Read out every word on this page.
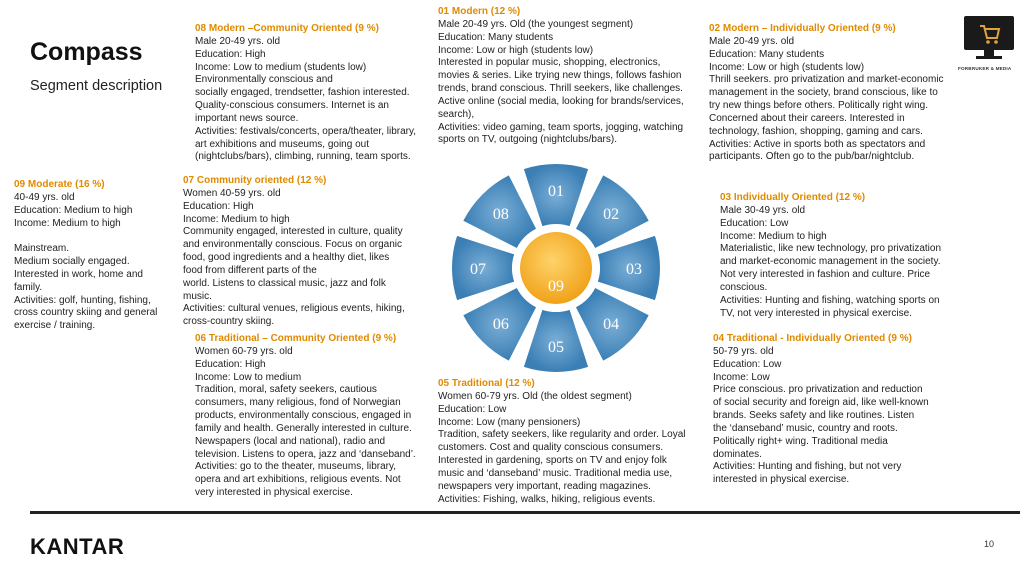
Compass
Segment description
01 Modern (12 %)
Male 20-49 yrs. Old (the youngest segment)
Education: Many students
Income: Low or high (students low)
Interested in popular music, shopping, electronics,
movies & series. Like trying new things, follows fashion
trends, brand conscious. Thrill seekers, like challenges.
Active online (social media, looking for brands/services,
search),
Activities: video gaming, team sports, jogging, watching
sports on TV, outgoing (nightclubs/bars).
08 Modern –Community Oriented (9 %)
Male 20-49 yrs. old
Education: High
Income: Low to medium (students low)
Environmentally conscious and
socially engaged, trendsetter, fashion interested.
Quality-conscious consumers. Internet is an
important news source.
Activities: festivals/concerts, opera/theater, library,
art exhibitions and museums, going out
(nightclubs/bars), climbing, running, team sports.
02 Modern – Individually Oriented (9 %)
Male 20-49 yrs. old
Education: Many students
Income: Low or high (students low)
Thrill seekers. pro privatization and market-economic
management in the society, brand conscious, like to
try new things before others. Politically right wing.
Concerned about their careers. Interested in
technology, fashion, shopping, gaming and cars.
Activities: Active in sports both as spectators and
participants. Often go to the pub/bar/nightclub.
09 Moderate (16 %)
40-49 yrs. old
Education: Medium to high
Income: Medium to high

Mainstream.
Medium socially engaged.
Interested in work, home and
family.
Activities: golf, hunting, fishing,
cross country skiing and general
exercise / training.
07 Community oriented (12 %)
Women 40-59 yrs. old
Education: High
Income: Medium to high
Community engaged, interested in culture, quality
and environmentally conscious. Focus on organic
food, good ingredients and a healthy diet, likes
food from different parts of the
world. Listens to classical music, jazz and folk
music.
Activities: cultural venues, religious events, hiking,
cross-country skiing.
03 Individually Oriented (12 %)
Male 30-49 yrs. old
Education: Low
Income: Medium to high
Materialistic, like new technology, pro privatization
and market-economic management in the society.
Not very interested in fashion and culture. Price
conscious.
Activities: Hunting and fishing, watching sports on
TV, not very interested in physical exercise.
06 Traditional – Community Oriented (9 %)
Women 60-79 yrs. old
Education: High
Income: Low to medium
Tradition, moral, safety seekers, cautious
consumers, many religious, fond of Norwegian
products, environmentally conscious, engaged in
family and health. Generally interested in culture.
Newspapers (local and national), radio and
television. Listens to opera, jazz and ‘danseband’.
Activities: go to the theater, museums, library,
opera and art exhibitions, religious events. Not
very interested in physical exercise.
04 Traditional - Individually Oriented (9 %)
50-79 yrs. old
Education: Low
Income: Low
Price conscious. pro privatization and reduction
of social security and foreign aid, like well-known
brands. Seeks safety and like routines. Listen
the ‘danseband’ music, country and roots.
Politically right+ wing. Traditional media
dominates.
Activities: Hunting and fishing, but not very
interested in physical exercise.
05 Traditional (12 %)
Women 60-79 yrs. Old (the oldest segment)
Education: Low
Income: Low (many pensioners)
Tradition, safety seekers, like regularity and order. Loyal
customers. Cost and quality conscious consumers.
Interested in gardening, sports on TV and enjoy folk
music and ‘danseband’ music. Traditional media use,
newspapers very important, reading magazines.
Activities: Fishing, walks, hiking, religious events.
09
01
02
03
04
05
06
07
08
FORBRUKER & MEDIA
KANTAR	10
